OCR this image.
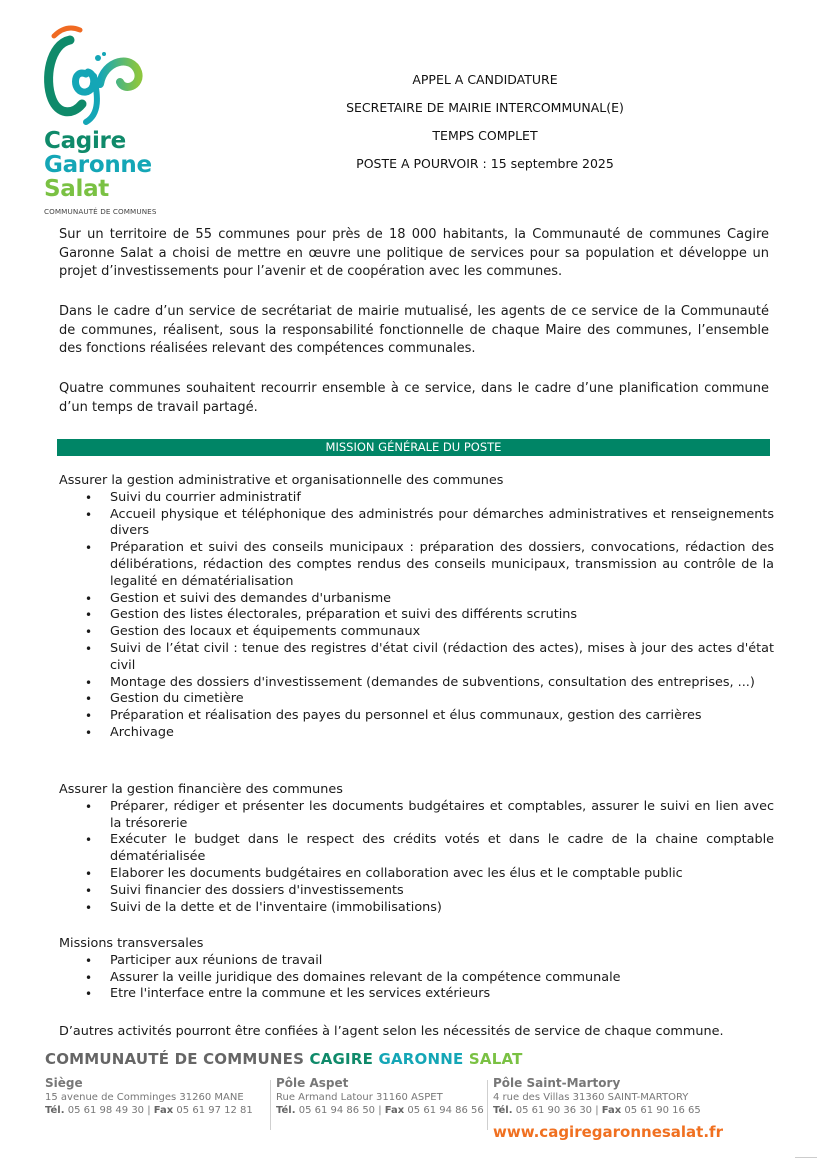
Cagire
Garonne
Salat
COMMUNAUTÉ DE COMMUNES
APPEL A CANDIDATURE
SECRETAIRE DE MAIRIE INTERCOMMUNAL(E)
TEMPS COMPLET
POSTE A POURVOIR : 15 septembre 2025
Sur un territoire de 55 communes pour près de 18 000 habitants, la Communauté de communes Cagire Garonne Salat a choisi de mettre en œuvre une politique de services pour sa population et développe un projet d’investissements pour l’avenir et de coopération avec les communes.
Dans le cadre d’un service de secrétariat de mairie mutualisé, les agents de ce service de la Communauté de communes, réalisent, sous la responsabilité fonctionnelle de chaque Maire des communes, l’ensemble des fonctions réalisées relevant des compétences communales.
Quatre communes souhaitent recourrir ensemble à ce service, dans le cadre d’une planification commune d’un temps de travail partagé.
MISSION GÉNÉRALE DU POSTE

Assurer la gestion administrative et organisationnelle des communes

• Suivi du courrier administratif
• Accueil physique et téléphonique des administrés pour démarches administratives et renseignements divers
• Préparation et suivi des conseils municipaux : préparation des dossiers, convocations, rédaction des délibérations, rédaction des comptes rendus des conseils municipaux, transmission au contrôle de la legalité en dématérialisation
• Gestion et suivi des demandes d'urbanisme
• Gestion des listes électorales, préparation et suivi des différents scrutins
• Gestion des locaux et équipements communaux
• Suivi de l’état civil : tenue des registres d'état civil (rédaction des actes), mises à jour des actes d'état civil
• Montage des dossiers d'investissement (demandes de subventions, consultation des entreprises, ...)
• Gestion du cimetière
• Préparation et réalisation des payes du personnel et élus communaux, gestion des carrières
• Archivage

Assurer la gestion financière des communes

• Préparer, rédiger et présenter les documents budgétaires et comptables, assurer le suivi en lien avec la trésorerie
• Exécuter le budget dans le respect des crédits votés et dans le cadre de la chaine comptable dématérialisée
• Elaborer les documents budgétaires en collaboration avec les élus et le comptable public
• Suivi financier des dossiers d'investissements
• Suivi de la dette et de l'inventaire (immobilisations)

Missions transversales

• Participer aux réunions de travail
• Assurer la veille juridique des domaines relevant de la compétence communale
• Etre l'interface entre la commune et les services extérieurs
D’autres activités pourront être confiées à l’agent selon les nécessités de service de chaque commune.
COMMUNAUTÉ DE COMMUNES CAGIRE GARONNE SALAT
Siège
15 avenue de Comminges 31260 MANE
Tél. 05 61 98 49 30 | Fax 05 61 97 12 81
Pôle Aspet
Rue Armand Latour 31160 ASPET
Tél. 05 61 94 86 50 | Fax 05 61 94 86 56
Pôle Saint-Martory
4 rue des Villas 31360 SAINT-MARTORY
Tél. 05 61 90 36 30 | Fax 05 61 90 16 65
www.cagiregaronnesalat.fr
